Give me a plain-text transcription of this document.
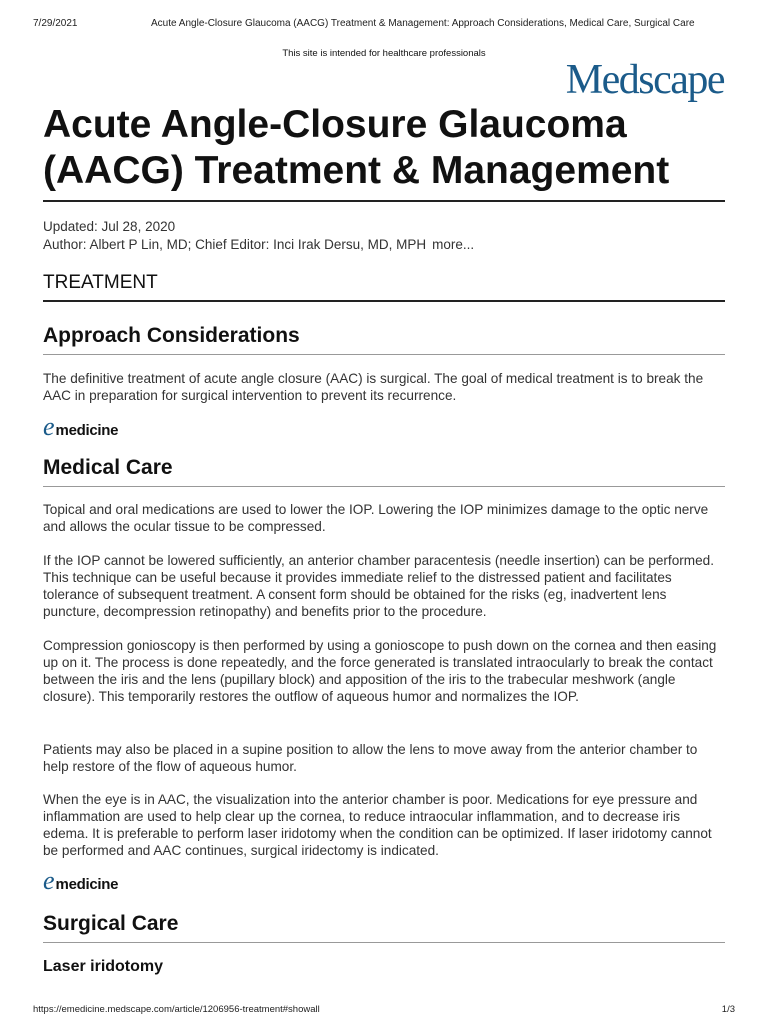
7/29/2021	Acute Angle-Closure Glaucoma (AACG) Treatment & Management: Approach Considerations, Medical Care, Surgical Care
This site is intended for healthcare professionals
Medscape
Acute Angle-Closure Glaucoma
(AACG) Treatment & Management
Updated: Jul 28, 2020
Author: Albert P Lin, MD; Chief Editor: Inci Irak Dersu, MD, MPH more...
TREATMENT
Approach Considerations

The definitive treatment of acute angle closure (AAC) is surgical. The goal of medical treatment is to break the AAC in preparation for surgical intervention to prevent its recurrence.

emedicine
Medical Care

Topical and oral medications are used to lower the IOP. Lowering the IOP minimizes damage to the optic nerve and allows the ocular tissue to be compressed.

If the IOP cannot be lowered sufficiently, an anterior chamber paracentesis (needle insertion) can be performed. This technique can be useful because it provides immediate relief to the distressed patient and facilitates tolerance of subsequent treatment. A consent form should be obtained for the risks (eg, inadvertent lens puncture, decompression retinopathy) and benefits prior to the procedure.

Compression gonioscopy is then performed by using a gonioscope to push down on the cornea and then easing up on it. The process is done repeatedly, and the force generated is translated intraocularly to break the contact between the iris and the lens (pupillary block) and apposition of the iris to the trabecular meshwork (angle closure). This temporarily restores the outflow of aqueous humor and normalizes the IOP.

Patients may also be placed in a supine position to allow the lens to move away from the anterior chamber to help restore of the flow of aqueous humor.

When the eye is in AAC, the visualization into the anterior chamber is poor. Medications for eye pressure and inflammation are used to help clear up the cornea, to reduce intraocular inflammation, and to decrease iris edema. It is preferable to perform laser iridotomy when the condition can be optimized. If laser iridotomy cannot be performed and AAC continues, surgical iridectomy is indicated.

emedicine
Surgical Care
Laser iridotomy
https://emedicine.medscape.com/article/1206956-treatment#showall	1/3
